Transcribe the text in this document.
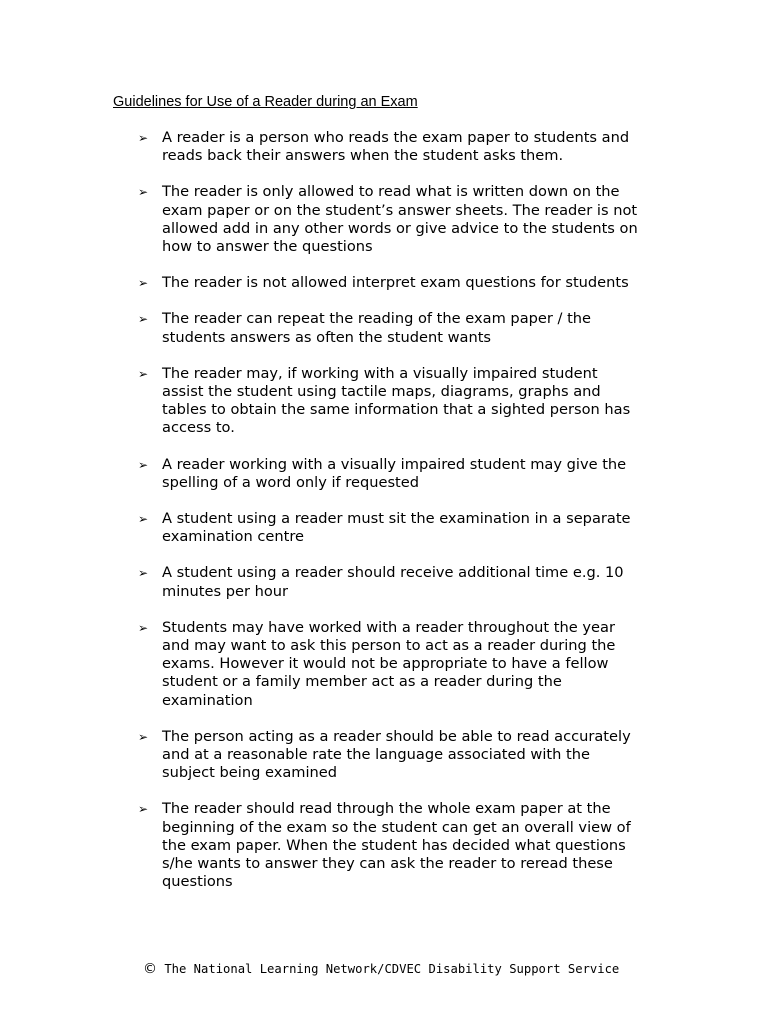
Guidelines for Use of a Reader during an Exam
➢ A reader is a person who reads the exam paper to students and
reads back their answers when the student asks them.
➢ The reader is only allowed to read what is written down on the
exam paper or on the student’s answer sheets. The reader is not
allowed add in any other words or give advice to the students on
how to answer the questions
➢ The reader is not allowed interpret exam questions for students
➢ The reader can repeat the reading of the exam paper / the
students answers as often the student wants
➢ The reader may, if working with a visually impaired student
assist the student using tactile maps, diagrams, graphs and
tables to obtain the same information that a sighted person has
access to.
➢ A reader working with a visually impaired student may give the
spelling of a word only if requested
➢ A student using a reader must sit the examination in a separate
examination centre
➢ A student using a reader should receive additional time e.g. 10
minutes per hour
➢ Students may have worked with a reader throughout the year
and may want to ask this person to act as a reader during the
exams. However it would not be appropriate to have a fellow
student or a family member act as a reader during the
examination
➢ The person acting as a reader should be able to read accurately
and at a reasonable rate the language associated with the
subject being examined
➢ The reader should read through the whole exam paper at the
beginning of the exam so the student can get an overall view of
the exam paper. When the student has decided what questions
s/he wants to answer they can ask the reader to reread these
questions
© The National Learning Network/CDVEC Disability Support Service
